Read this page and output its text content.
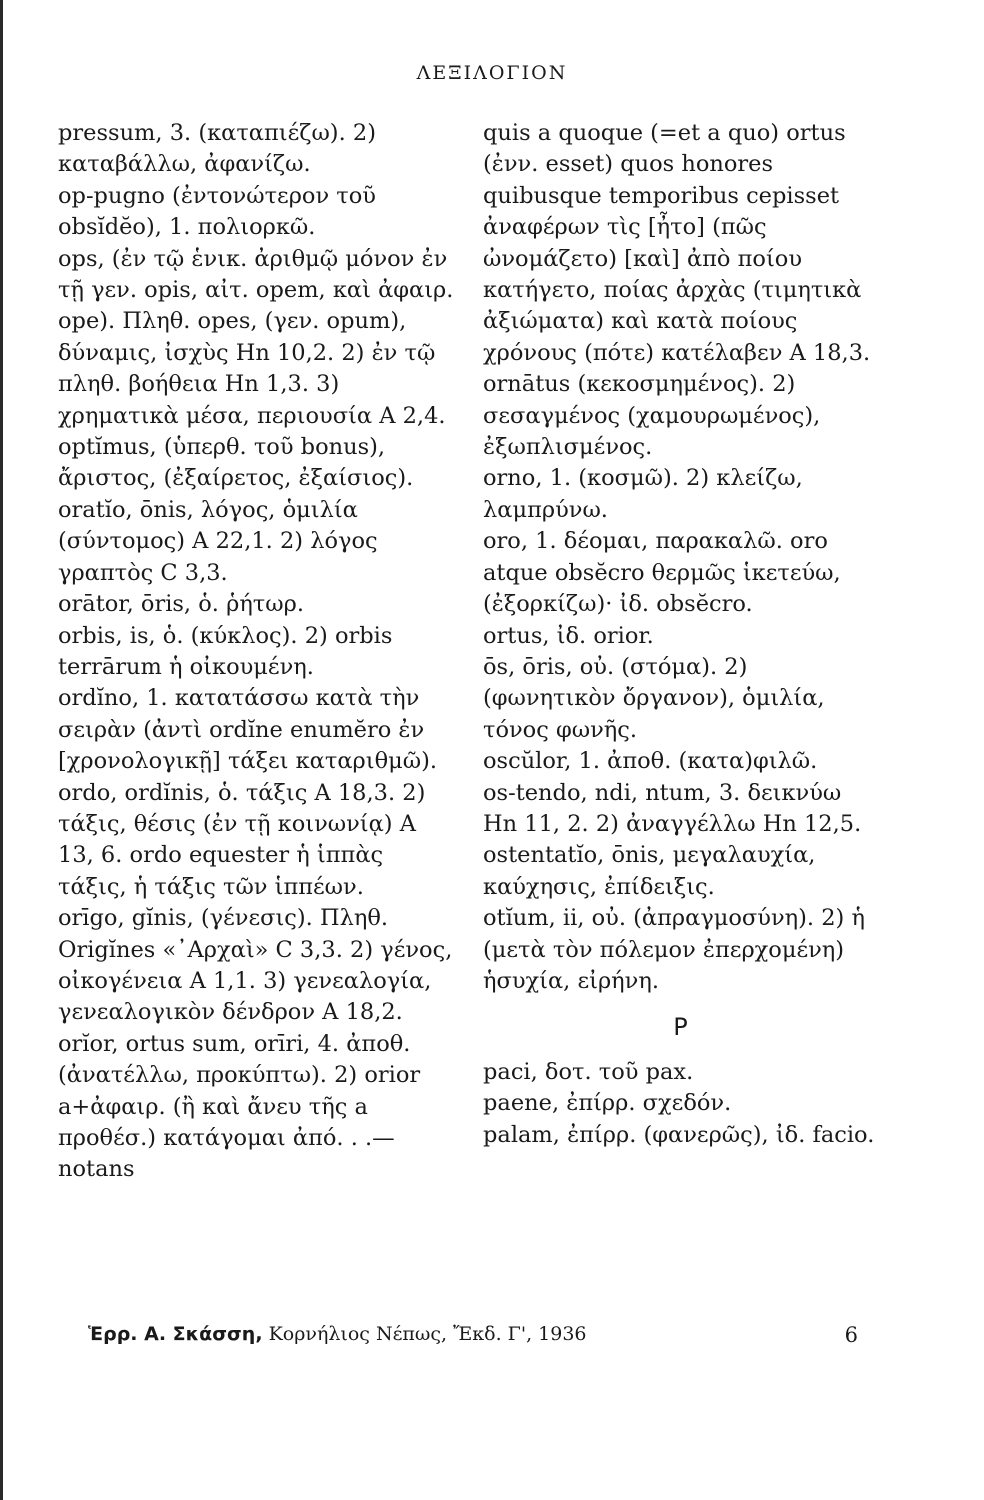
ΛΕΞΙΛΟΓΙΟΝ

pressum, 3. (καταπιέζω). 2) καταβάλλω, ἀφανίζω.

op-pugno (ἐντονώτερον τοῦ obsĭdĕo), 1. πολιορκῶ.

ops, (ἐν τῷ ἑνικ. ἀριθμῷ μόνον ἐν τῇ γεν. opis, αἰτ. opem, καὶ ἀφαιρ. ope). Πληθ. opes, (γεν. opum), δύναμις, ἰσχὺς Hn 10,2. 2) ἐν τῷ πληθ. βοήθεια Hn 1,3. 3) χρηματικὰ μέσα, περιουσία A 2,4.

optĭmus, (ὑπερθ. τοῦ bonus), ἄριστος, (ἐξαίρετος, ἐξαίσιος).

oratĭo, ōnis, λόγος, ὁμιλία (σύντομος) A 22,1. 2) λόγος γραπτὸς C 3,3.

orātor, ōris, ὁ. ῥήτωρ.

orbis, is, ὁ. (κύκλος). 2) orbis terrārum ἡ οἰκουμένη.

ordĭno, 1. κατατάσσω κατὰ τὴν σειρὰν (ἀντὶ ordĭne enumĕro ἐν [χρονολογικῇ] τάξει καταριθμῶ).

ordo, ordĭnis, ὁ. τάξις A 18,3. 2) τάξις, θέσις (ἐν τῇ κοινωνίᾳ) A 13, 6. ordo equester ἡ ἱππὰς τάξις, ἡ τάξις τῶν ἱππέων.

orīgo, gĭnis, (γένεσις). Πληθ. Origĭnes «᾽Αρχαὶ» C 3,3. 2) γένος, οἰκογένεια A 1,1. 3) γενεαλογία, γενεαλογικὸν δένδρον A 18,2.

orĭor, ortus sum, orīri, 4. ἀποθ. (ἀνατέλλω, προκύπτω). 2) orior a+ἀφαιρ. (ἢ καὶ ἄνευ τῆς a προθέσ.) κατάγομαι ἀπό. . .—notans

quis a quoque (=et a quo) ortus (ἐνν. esset) quos honores quibusque temporibus cepisset ἀναφέρων τὶς [ἦτο] (πῶς ὠνομάζετο) [καὶ] ἀπὸ ποίου κατήγετο, ποίας ἀρχὰς (τιμητικὰ ἀξιώματα) καὶ κατὰ ποίους χρόνους (πότε) κατέλαβεν A 18,3.

ornātus (κεκοσμημένος). 2) σεσαγμένος (χαμουρωμένος), ἐξωπλισμένος.

orno, 1. (κοσμῶ). 2) κλείζω, λαμπρύνω.

oro, 1. δέομαι, παρακαλῶ. oro atque obsĕcro θερμῶς ἱκετεύω, (ἐξορκίζω)· ἰδ. obsĕcro.

ortus, ἰδ. orior.

ōs, ōris, οὐ. (στόμα). 2) (φωνητικὸν ὄργανον), ὁμιλία, τόνος φωνῆς.

oscŭlor, 1. ἀποθ. (κατα)φιλῶ.

os-tendo, ndi, ntum, 3. δεικνύω Hn 11, 2. 2) ἀναγγέλλω Hn 12,5.

ostentatĭo, ōnis, μεγαλαυχία, καύχησις, ἐπίδειξις.

otĭum, ii, οὐ. (ἀπραγμοσύνη). 2) ἡ (μετὰ τὸν πόλεμον ἐπερχομένη) ἡσυχία, εἰρήνη.

P

paci, δοτ. τοῦ pax.

paene, ἐπίρρ. σχεδόν.

palam, ἐπίρρ. (φανερῶς), ἰδ. facio.

Ἑρρ. Α. Σκάσση, Κορνήλιος Νέπως, Ἔκδ. Γ', 1936	6
